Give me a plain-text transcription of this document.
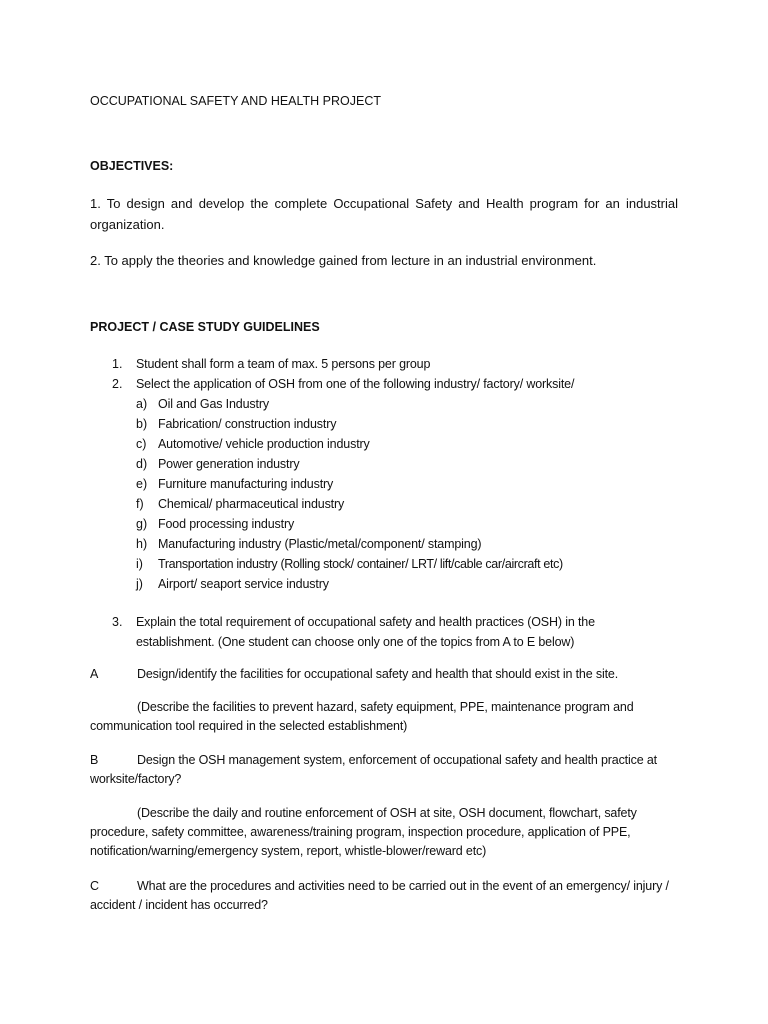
OCCUPATIONAL SAFETY AND HEALTH PROJECT
OBJECTIVES:
1. To design and develop the complete Occupational Safety and Health program for an industrial organization.
2. To apply the theories and knowledge gained from lecture in an industrial environment.
PROJECT / CASE STUDY GUIDELINES
1.	Student shall form a team of max. 5 persons per group
2.	Select the application of OSH from one of the following industry/ factory/ worksite/
a) Oil and Gas Industry
b) Fabrication/ construction industry
c) Automotive/ vehicle production industry
d) Power generation industry
e) Furniture manufacturing industry
f)	Chemical/ pharmaceutical industry
g) Food processing industry
h) Manufacturing industry (Plastic/metal/component/ stamping)
i)	Transportation industry (Rolling stock/ container/ LRT/ lift/cable car/aircraft etc)
j)	Airport/ seaport service industry
3. Explain the total requirement of occupational safety and health practices (OSH) in the establishment. (One student can choose only one of the topics from A to E below)
A	Design/identify the facilities for occupational safety and health that should exist in the site.
(Describe the facilities to prevent hazard, safety equipment, PPE, maintenance program and communication tool required in the selected establishment)
B	Design the OSH management system, enforcement of occupational safety and health practice at worksite/factory?
(Describe the daily and routine enforcement of OSH at site, OSH document, flowchart, safety procedure, safety committee, awareness/training program, inspection procedure, application of PPE, notification/warning/emergency system, report, whistle-blower/reward etc)
C	What are the procedures and activities need to be carried out in the event of an emergency/ injury / accident / incident has occurred?
